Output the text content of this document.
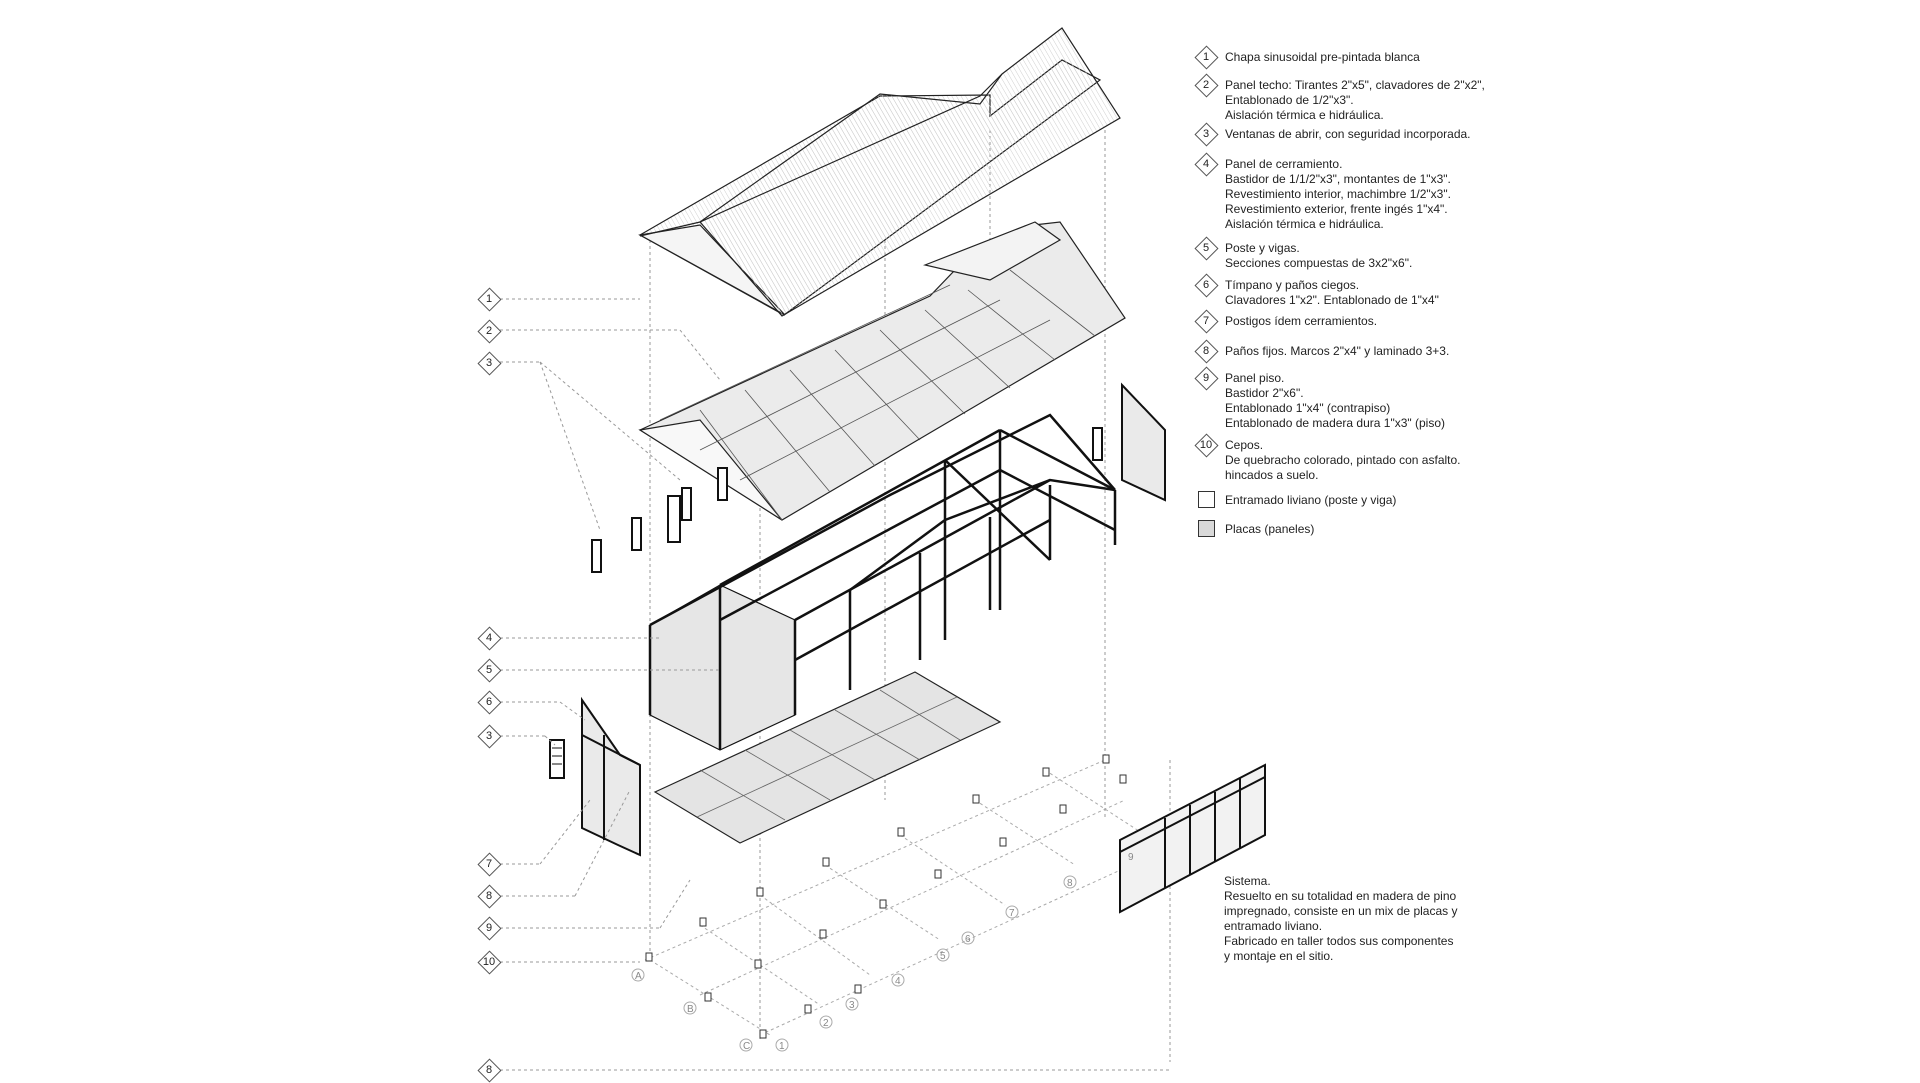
A
B
C	1
2
3
4
5
6
7
8
9
1
2
3
4
5
6
3
7
8
9
10
8
1	Chapa sinusoidal pre-pintada blanca
2	Panel techo: Tirantes 2"x5", clavadores de 2"x2",
Entablonado de 1/2"x3".
Aislación térmica e hidráulica.
3	Ventanas de abrir, con seguridad incorporada.
4	Panel de cerramiento.
Bastidor de 1/1/2"x3", montantes de 1"x3".
Revestimiento interior, machimbre 1/2"x3".
Revestimiento exterior, frente ingés 1"x4".
Aislación térmica e hidráulica.
5	Poste y vigas.
Secciones compuestas de 3x2"x6".
6	Tímpano y paños ciegos.
Clavadores 1"x2". Entablonado de 1"x4"
7	Postigos ídem cerramientos.
8	Paños fijos. Marcos 2"x4" y laminado 3+3.
9	Panel piso.
Bastidor 2"x6".
Entablonado 1"x4" (contrapiso)
Entablonado de madera dura 1"x3" (piso)
10	Cepos.
De quebracho colorado, pintado con asfalto.
hincados a suelo.
Entramado liviano (poste y viga)
Placas (paneles)
Sistema.
Resuelto en su totalidad en madera de pino
impregnado, consiste en un mix de placas y
entramado liviano.
Fabricado en taller todos sus componentes
y montaje en el sitio.
